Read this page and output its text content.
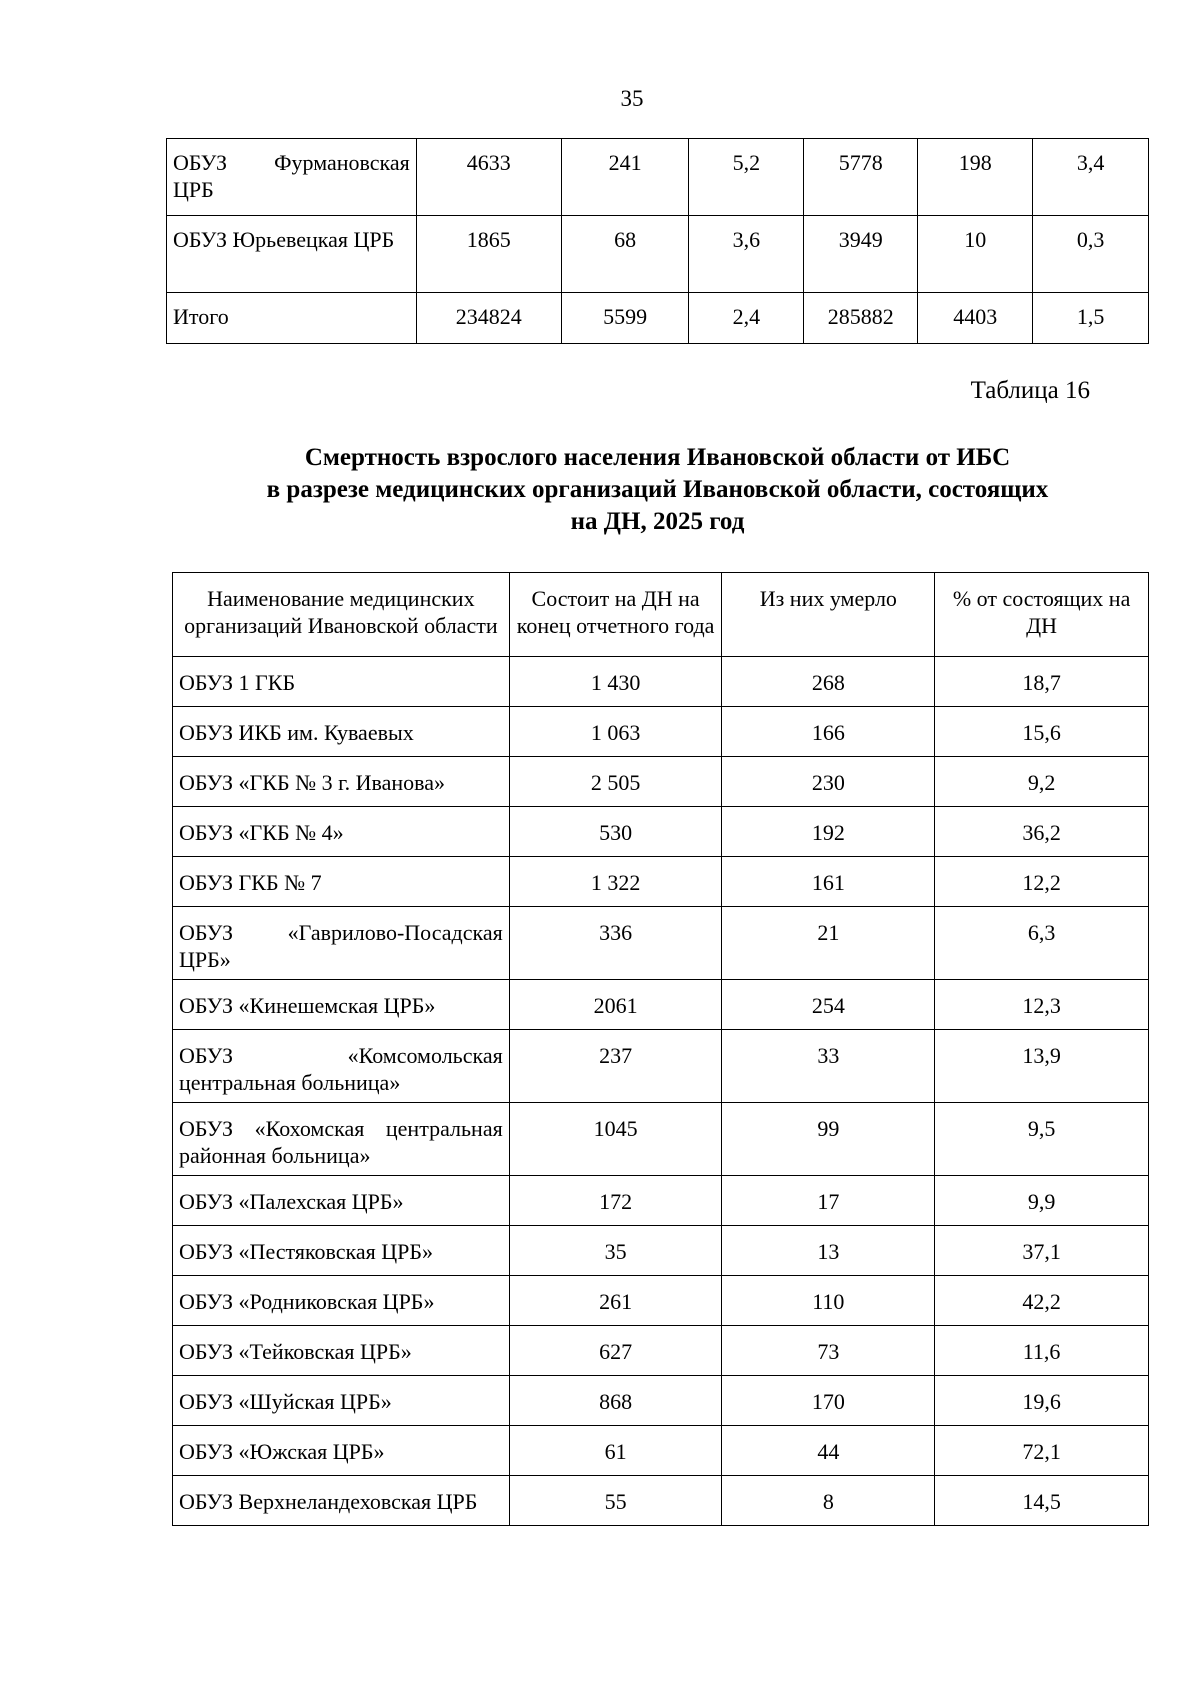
35
ОБУЗ Фурмановская ЦРБ	4633	241	5,2	5778	198	3,4
ОБУЗ Юрьевецкая ЦРБ	1865	68	3,6	3949	10	0,3
Итого	234824	5599	2,4	285882	4403	1,5
Таблица 16
Смертность взрослого населения Ивановской области от ИБС
в разрезе медицинских организаций Ивановской области, состоящих
на ДН, 2025 год
Наименование медицинских организаций Ивановской области	Состоит на ДН на конец отчетного года	Из них умерло	% от состоящих на ДН
ОБУЗ 1 ГКБ	1 430	268	18,7
ОБУЗ ИКБ им. Куваевых	1 063	166	15,6
ОБУЗ «ГКБ № 3 г. Иванова»	2 505	230	9,2
ОБУЗ «ГКБ № 4»	530	192	36,2
ОБУЗ ГКБ № 7	1 322	161	12,2
ОБУЗ «Гаврилово-Посадская ЦРБ»	336	21	6,3
ОБУЗ «Кинешемская ЦРБ»	2061	254	12,3
ОБУЗ «Комсомольская центральная больница»	237	33	13,9
ОБУЗ «Кохомская центральная районная больница»	1045	99	9,5
ОБУЗ «Палехская ЦРБ»	172	17	9,9
ОБУЗ «Пестяковская ЦРБ»	35	13	37,1
ОБУЗ «Родниковская ЦРБ»	261	110	42,2
ОБУЗ «Тейковская ЦРБ»	627	73	11,6
ОБУЗ «Шуйская ЦРБ»	868	170	19,6
ОБУЗ «Южская ЦРБ»	61	44	72,1
ОБУЗ Верхнеландеховская ЦРБ	55	8	14,5
